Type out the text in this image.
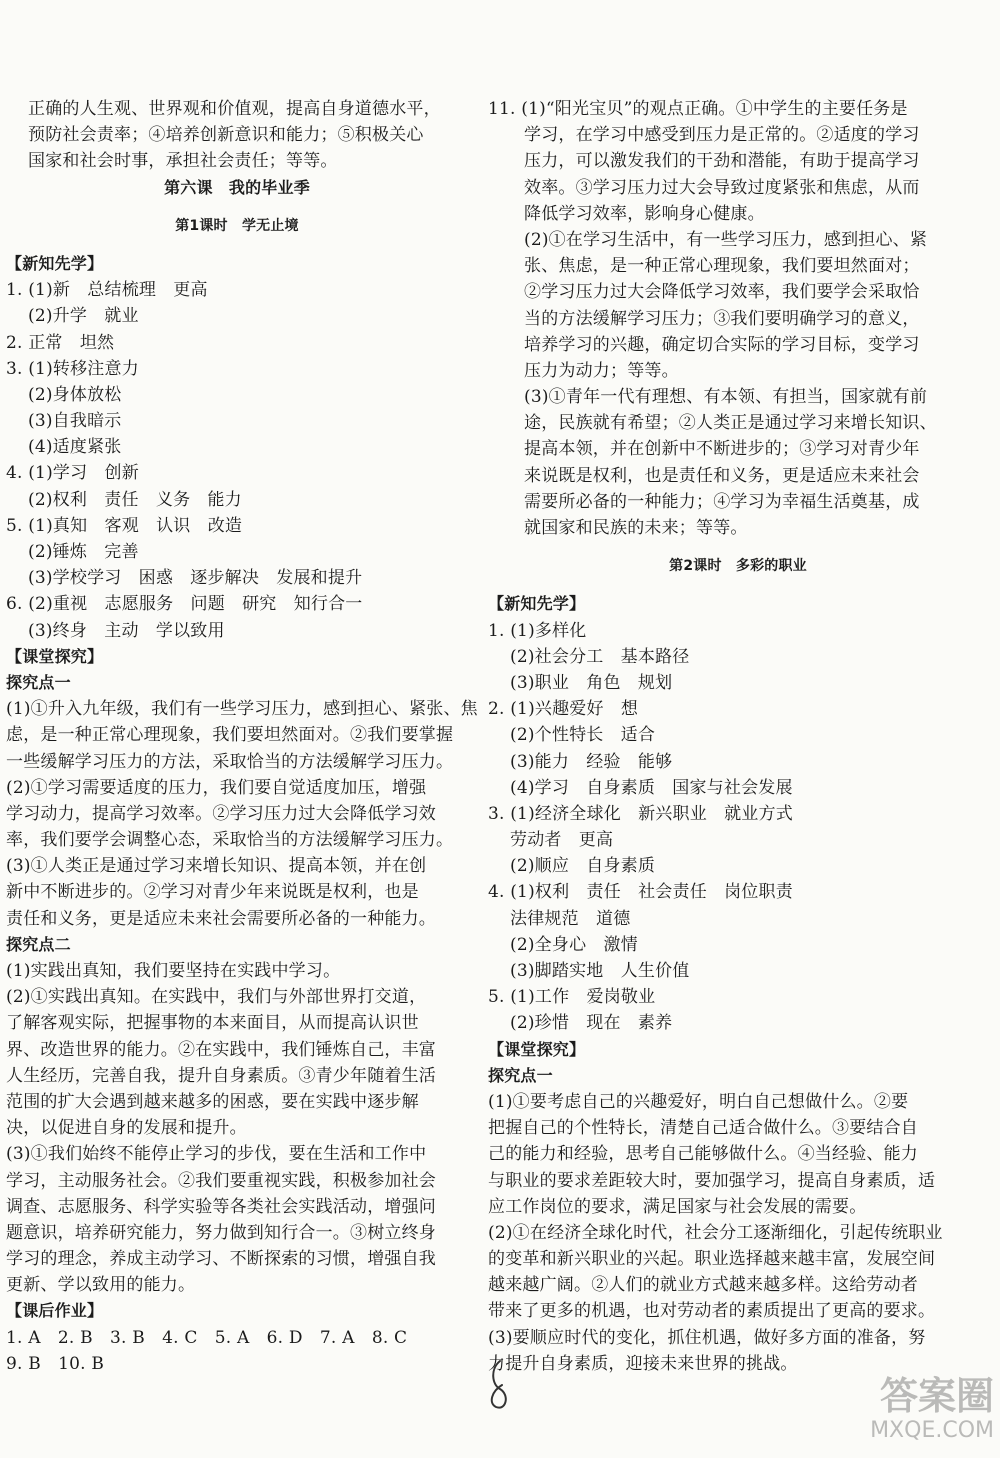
正确的人生观、世界观和价值观，提高自身道德水平，
预防社会责率；④培养创新意识和能力；⑤积极关心
国家和社会时事，承担社会责任；等等。
第六课　我的毕业季
第1课时　学无止境
【新知先学】
1. (1)新　总结梳理　更高
(2)升学　就业
2. 正常　坦然
3. (1)转移注意力
(2)身体放松
(3)自我暗示
(4)适度紧张
4. (1)学习　创新
(2)权利　责任　义务　能力
5. (1)真知　客观　认识　改造
(2)锤炼　完善
(3)学校学习　困惑　逐步解决　发展和提升
6. (2)重视　志愿服务　问题　研究　知行合一
(3)终身　主动　学以致用
【课堂探究】
探究点一
(1)①升入九年级，我们有一些学习压力，感到担心、紧张、焦
虑，是一种正常心理现象，我们要坦然面对。②我们要掌握
一些缓解学习压力的方法，采取恰当的方法缓解学习压力。
(2)①学习需要适度的压力，我们要自觉适度加压，增强
学习动力，提高学习效率。②学习压力过大会降低学习效
率，我们要学会调整心态，采取恰当的方法缓解学习压力。
(3)①人类正是通过学习来增长知识、提高本领，并在创
新中不断进步的。②学习对青少年来说既是权利，也是
责任和义务，更是适应未来社会需要所必备的一种能力。
探究点二
(1)实践出真知，我们要坚持在实践中学习。
(2)①实践出真知。在实践中，我们与外部世界打交道，
了解客观实际，把握事物的本来面目，从而提高认识世
界、改造世界的能力。②在实践中，我们锤炼自己，丰富
人生经历，完善自我，提升自身素质。③青少年随着生活
范围的扩大会遇到越来越多的困惑，要在实践中逐步解
决，以促进自身的发展和提升。
(3)①我们始终不能停止学习的步伐，要在生活和工作中
学习，主动服务社会。②我们要重视实践，积极参加社会
调查、志愿服务、科学实验等各类社会实践活动，增强问
题意识，培养研究能力，努力做到知行合一。③树立终身
学习的理念，养成主动学习、不断探索的习惯，增强自我
更新、学以致用的能力。
【课后作业】
1. A　2. B　3. B　4. C　5. A　6. D　7. A　8. C
9. B　10. B
11. (1)“阳光宝贝”的观点正确。①中学生的主要任务是
学习，在学习中感受到压力是正常的。②适度的学习
压力，可以激发我们的干劲和潜能，有助于提高学习
效率。③学习压力过大会导致过度紧张和焦虑，从而
降低学习效率，影响身心健康。
(2)①在学习生活中，有一些学习压力，感到担心、紧
张、焦虑，是一种正常心理现象，我们要坦然面对；
②学习压力过大会降低学习效率，我们要学会采取恰
当的方法缓解学习压力；③我们要明确学习的意义，
培养学习的兴趣，确定切合实际的学习目标，变学习
压力为动力；等等。
(3)①青年一代有理想、有本领、有担当，国家就有前
途，民族就有希望；②人类正是通过学习来增长知识、
提高本领，并在创新中不断进步的；③学习对青少年
来说既是权利，也是责任和义务，更是适应未来社会
需要所必备的一种能力；④学习为幸福生活奠基，成
就国家和民族的未来；等等。
第2课时　多彩的职业
【新知先学】
1. (1)多样化
(2)社会分工　基本路径
(3)职业　角色　规划
2. (1)兴趣爱好　想
(2)个性特长　适合
(3)能力　经验　能够
(4)学习　自身素质　国家与社会发展
3. (1)经济全球化　新兴职业　就业方式
劳动者　更高
(2)顺应　自身素质
4. (1)权利　责任　社会责任　岗位职责
法律规范　道德
(2)全身心　激情
(3)脚踏实地　人生价值
5. (1)工作　爱岗敬业
(2)珍惜　现在　素养
【课堂探究】
探究点一
(1)①要考虑自己的兴趣爱好，明白自己想做什么。②要
把握自己的个性特长，清楚自己适合做什么。③要结合自
己的能力和经验，思考自己能够做什么。④当经验、能力
与职业的要求差距较大时，要加强学习，提高自身素质，适
应工作岗位的要求，满足国家与社会发展的需要。
(2)①在经济全球化时代，社会分工逐渐细化，引起传统职业
的变革和新兴职业的兴起。职业选择越来越丰富，发展空间
越来越广阔。②人们的就业方式越来越多样。这给劳动者
带来了更多的机遇，也对劳动者的素质提出了更高的要求。
(3)要顺应时代的变化，抓住机遇，做好多方面的准备，努
力提升自身素质，迎接未来世界的挑战。
答案圈
MXQE.COM
